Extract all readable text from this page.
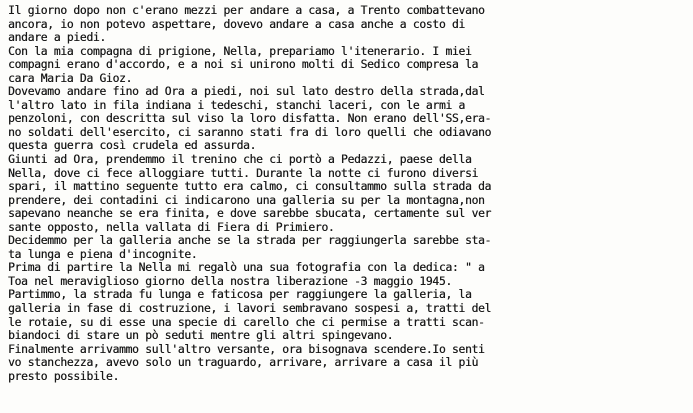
Il giorno dopo non c'erano mezzi per andare a casa, a Trento combattevano
ancora, io non potevo aspettare, dovevo andare a casa anche a costo di
andare a piedi.
Con la mia compagna di prigione, Nella, prepariamo l'itenerario. I miei
compagni erano d'accordo, e a noi si unirono molti di Sedico compresa la
cara Maria Da Gioz.
Dovevamo andare fino ad Ora a piedi, noi sul lato destro della strada,dal
l'altro lato in fila indiana i tedeschi, stanchi laceri, con le armi a
penzoloni, con descritta sul viso la loro disfatta. Non erano dell'SS,era-
no soldati dell'esercito, ci saranno stati fra di loro quelli che odiavano
questa guerra così crudela ed assurda.
Giunti ad Ora, prendemmo il trenino che ci portò a Pedazzi, paese della
Nella, dove ci fece alloggiare tutti. Durante la notte ci furono diversi
spari, il mattino seguente tutto era calmo, ci consultammo sulla strada da
prendere, dei contadini ci indicarono una galleria su per la montagna,non
sapevano neanche se era finita, e dove sarebbe sbucata, certamente sul ver
sante opposto, nella vallata di Fiera di Primiero.
Decidemmo per la galleria anche se la strada per raggiungerla sarebbe sta-
ta lunga e piena d'incognite.
Prima di partire la Nella mi regalò una sua fotografia con la dedica: " a
Toa nel meraviglioso giorno della nostra liberazione -3 maggio 1945.
Partimmo, la strada fu lunga e faticosa per raggiungere la galleria, la
galleria in fase di costruzione, i lavori sembravano sospesi a, tratti del
le rotaie, su di esse una specie di carello che ci permise a tratti scan-
biandoci di stare un pò seduti mentre gli altri spingevano.
Finalmente arrivammo sull'altro versante, ora bisognava scendere.Io senti
vo stanchezza, avevo solo un traguardo, arrivare, arrivare a casa il più
presto possibile.
